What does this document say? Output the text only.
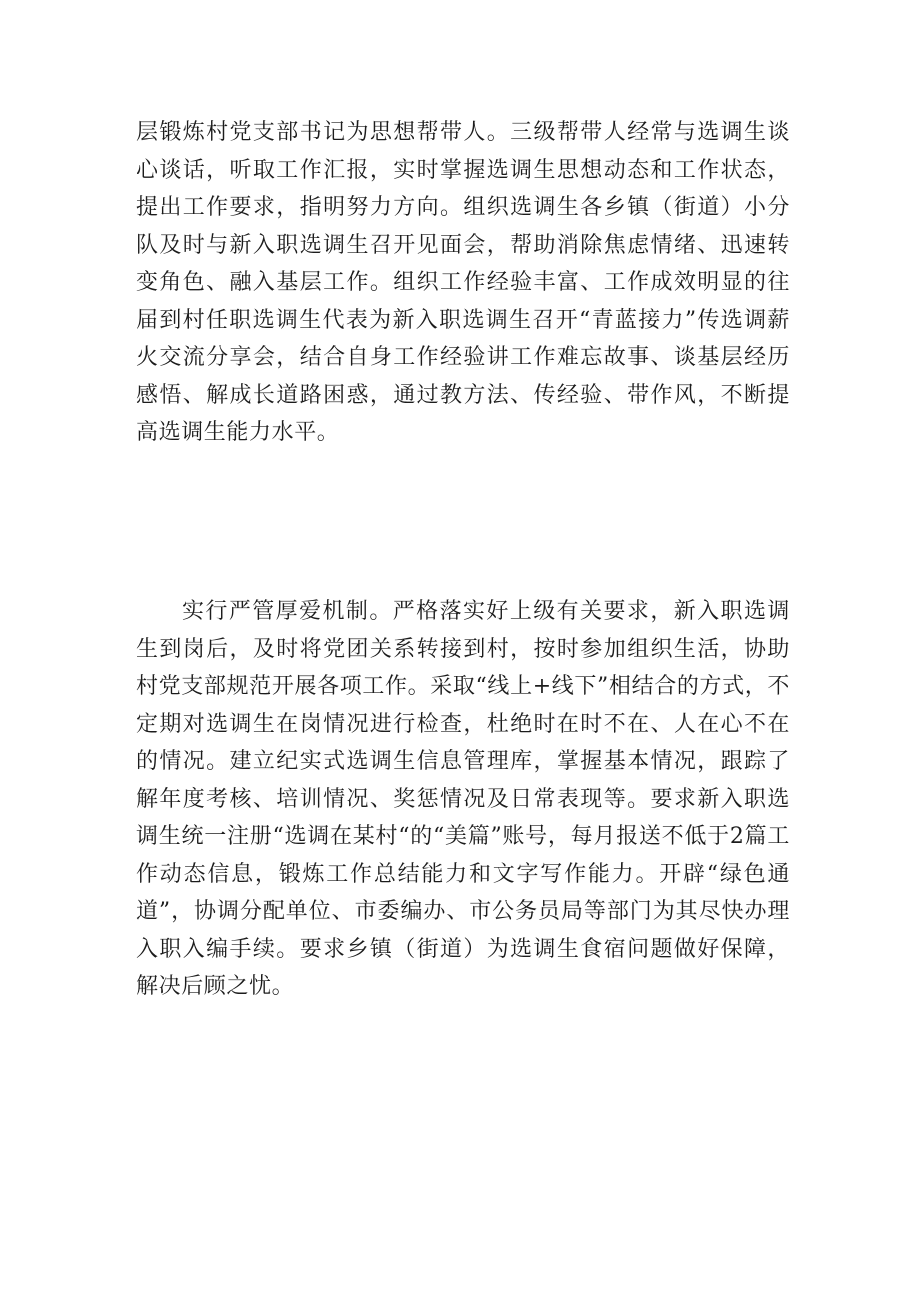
层锻炼村党支部书记为思想帮带人。三级帮带人经常与选调生谈心谈话，听取工作汇报，实时掌握选调生思想动态和工作状态，提出工作要求，指明努力方向。组织选调生各乡镇（街道）小分队及时与新入职选调生召开见面会，帮助消除焦虑情绪、迅速转变角色、融入基层工作。组织工作经验丰富、工作成效明显的往届到村任职选调生代表为新入职选调生召开“青蓝接力”传选调薪火交流分享会，结合自身工作经验讲工作难忘故事、谈基层经历感悟、解成长道路困惑，通过教方法、传经验、带作风，不断提高选调生能力水平。

实行严管厚爱机制。严格落实好上级有关要求，新入职选调生到岗后，及时将党团关系转接到村，按时参加组织生活，协助村党支部规范开展各项工作。采取“线上+线下”相结合的方式，不定期对选调生在岗情况进行检查，杜绝时在时不在、人在心不在的情况。建立纪实式选调生信息管理库，掌握基本情况，跟踪了解年度考核、培训情况、奖惩情况及日常表现等。要求新入职选调生统一注册“选调在某村“的“美篇”账号，每月报送不低于2篇工作动态信息，锻炼工作总结能力和文字写作能力。开辟“绿色通道”，协调分配单位、市委编办、市公务员局等部门为其尽快办理入职入编手续。要求乡镇（街道）为选调生食宿问题做好保障，解决后顾之忧。
